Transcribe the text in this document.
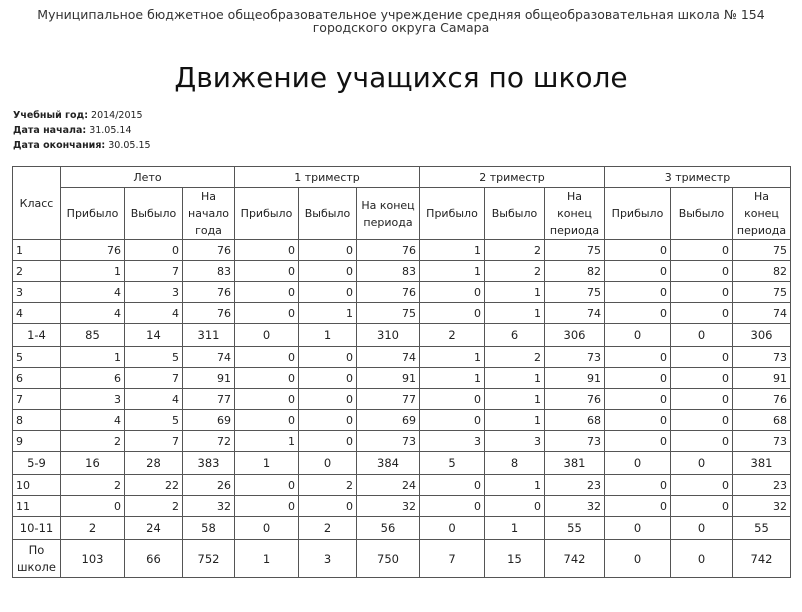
Муниципальное бюджетное общеобразовательное учреждение средняя общеобразовательная школа № 154 городского округа Самара
Движение учащихся по школе
Учебный год: 2014/2015
Дата начала: 31.05.14
Дата окончания: 30.05.15
Класс	Лето			1 триместр			2 триместр			3 триместр		
	Прибыло	Выбыло	На начало года	Прибыло	Выбыло	На конец периода	Прибыло	Выбыло	На конец периода	Прибыло	Выбыло	На конец периода
1	76	0	76	0	0	76	1	2	75	0	0	75
2	1	7	83	0	0	83	1	2	82	0	0	82
3	4	3	76	0	0	76	0	1	75	0	0	75
4	4	4	76	0	1	75	0	1	74	0	0	74
1-4	85	14	311	0	1	310	2	6	306	0	0	306
5	1	5	74	0	0	74	1	2	73	0	0	73
6	6	7	91	0	0	91	1	1	91	0	0	91
7	3	4	77	0	0	77	0	1	76	0	0	76
8	4	5	69	0	0	69	0	1	68	0	0	68
9	2	7	72	1	0	73	3	3	73	0	0	73
5-9	16	28	383	1	0	384	5	8	381	0	0	381
10	2	22	26	0	2	24	0	1	23	0	0	23
11	0	2	32	0	0	32	0	0	32	0	0	32
10-11	2	24	58	0	2	56	0	1	55	0	0	55
По школе	103	66	752	1	3	750	7	15	742	0	0	742
